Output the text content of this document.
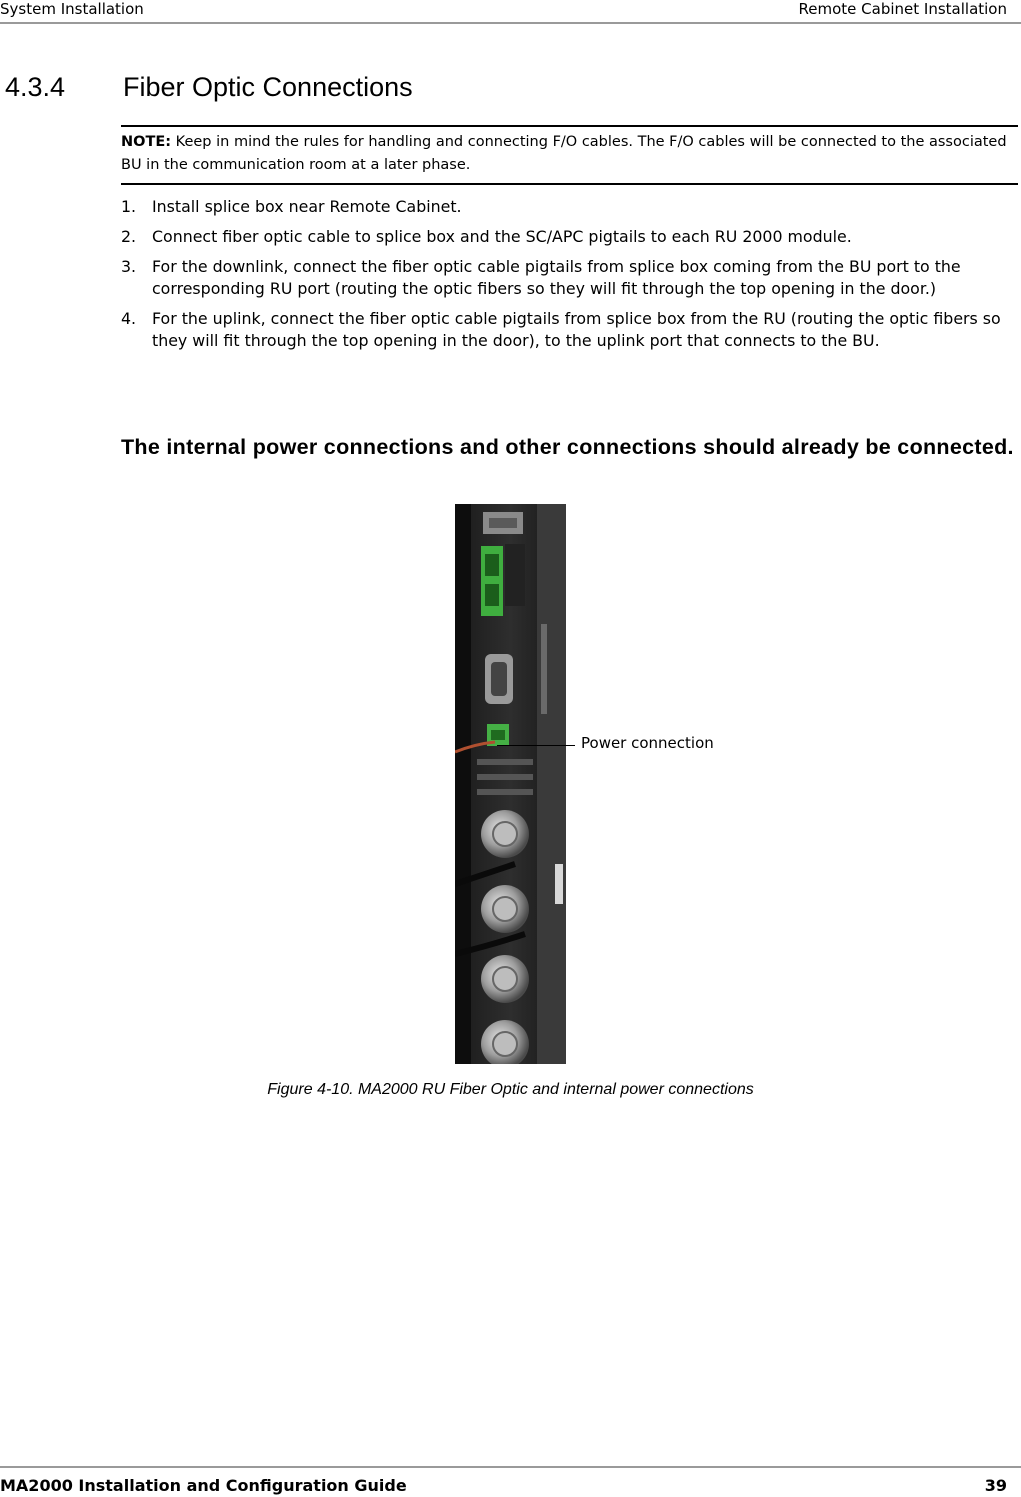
System Installation	Remote Cabinet Installation
4.3.4 Fiber Optic Connections
NOTE: Keep in mind the rules for handling and connecting F/O cables. The F/O cables will be connected to the associated BU in the communication room at a later phase.
1. Install splice box near Remote Cabinet.
2. Connect fiber optic cable to splice box and the SC/APC pigtails to each RU 2000 module.
3. For the downlink, connect the fiber optic cable pigtails from splice box coming from the BU port to the corresponding RU port (routing the optic fibers so they will fit through the top opening in the door.)
4. For the uplink, connect the fiber optic cable pigtails from splice box from the RU (routing the optic fibers so they will fit through the top opening in the door), to the uplink port that connects to the BU.
The internal power connections and other connections should already be connected.
Power connection
Figure 4-10. MA2000 RU Fiber Optic and internal power connections
MA2000 Installation and Configuration Guide	39
